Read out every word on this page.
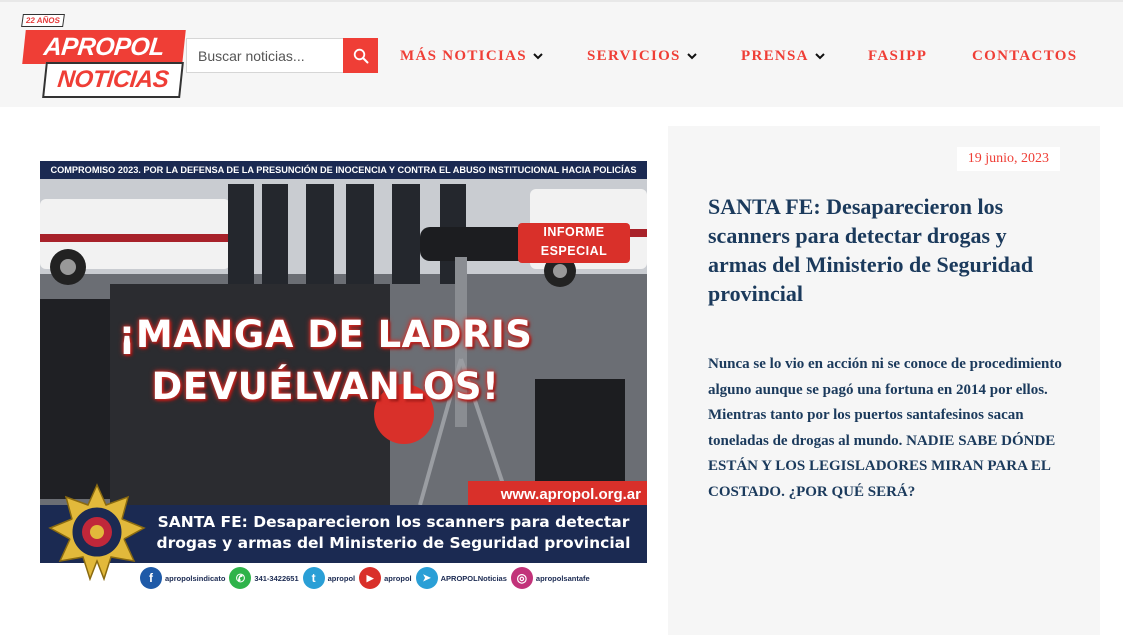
22 AÑOS
APROPOL
NOTICIAS
Buscar noticias...
MÁS NOTICIAS	SERVICIOS	PRENSA	FASIPP	CONTACTOS
COMPROMISO 2023. POR LA DEFENSA DE LA PRESUNCIÓN DE INOCENCIA Y CONTRA EL ABUSO INSTITUCIONAL HACIA POLICÍAS
INFORME
ESPECIAL
¡MANGA DE LADRIS
DEVUÉLVANLOS!
www.apropol.org.ar
SANTA FE: Desaparecieron los scanners para detectar drogas y armas del Ministerio de Seguridad provincial
f	apropolsindicato ✆	341-3422651	t	apropol	▶	apropol	➤	APROPOLNoticias ◎	apropolsantafe
19 junio, 2023
SANTA FE: Desaparecieron los scanners para detectar drogas y armas del Ministerio de Seguridad provincial
Nunca se lo vio en acción ni se conoce de procedimiento alguno aunque se pagó una fortuna en 2014 por ellos. Mientras tanto por los puertos santafesinos sacan toneladas de drogas al mundo. NADIE SABE DÓNDE ESTÁN Y LOS LEGISLADORES MIRAN PARA EL COSTADO. ¿POR QUÉ SERÁ?
